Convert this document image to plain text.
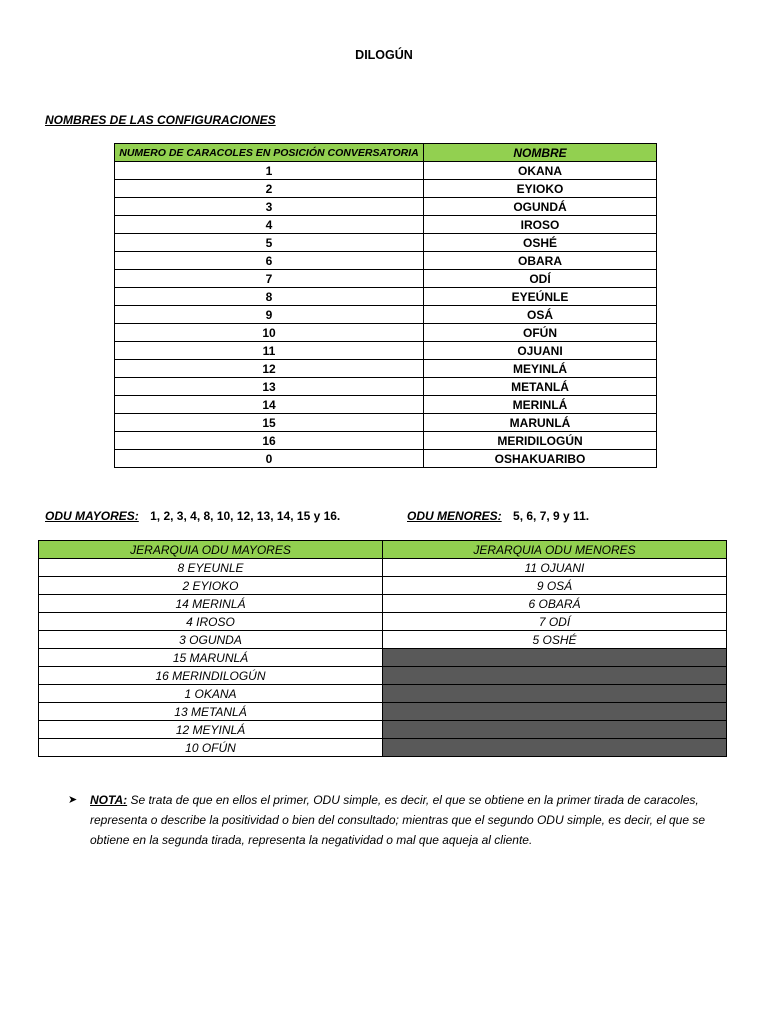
DILOGÚN
NOMBRES DE LAS CONFIGURACIONES
NUMERO DE CARACOLES EN POSICIÓN CONVERSATORIA	NOMBRE
1	OKANA
2	EYIOKO
3	OGUNDÁ
4	IROSO
5	OSHÉ
6	OBARA
7	ODÍ
8	EYEÚNLE
9	OSÁ
10	OFÚN
11	OJUANI
12	MEYINLÁ
13	METANLÁ
14	MERINLÁ
15	MARUNLÁ
16	MERIDILOGÚN
0	OSHAKUARIBO
ODU MAYORES: 1, 2, 3, 4, 8, 10, 12, 13, 14, 15 y 16.	ODU MENORES: 5, 6, 7, 9 y 11.
JERARQUIA ODU MAYORES	JERARQUIA ODU MENORES
8 EYEUNLE	11 OJUANI
2 EYIOKO	9 OSÁ
14 MERINLÁ	6 OBARÁ
4 IROSO	7 ODÍ
3 OGUNDA	5 OSHÉ
15 MARUNLÁ	
16 MERINDILOGÚN	
1 OKANA	
13 METANLÁ	
12 MEYINLÁ	
10 OFÚN	
➤ NOTA: Se trata de que en ellos el primer, ODU simple, es decir, el que se obtiene en la primer tirada de caracoles, representa o describe la positividad o bien del consultado; mientras que el segundo ODU simple, es decir, el que se obtiene en la segunda tirada, representa la negatividad o mal que aqueja al cliente.
